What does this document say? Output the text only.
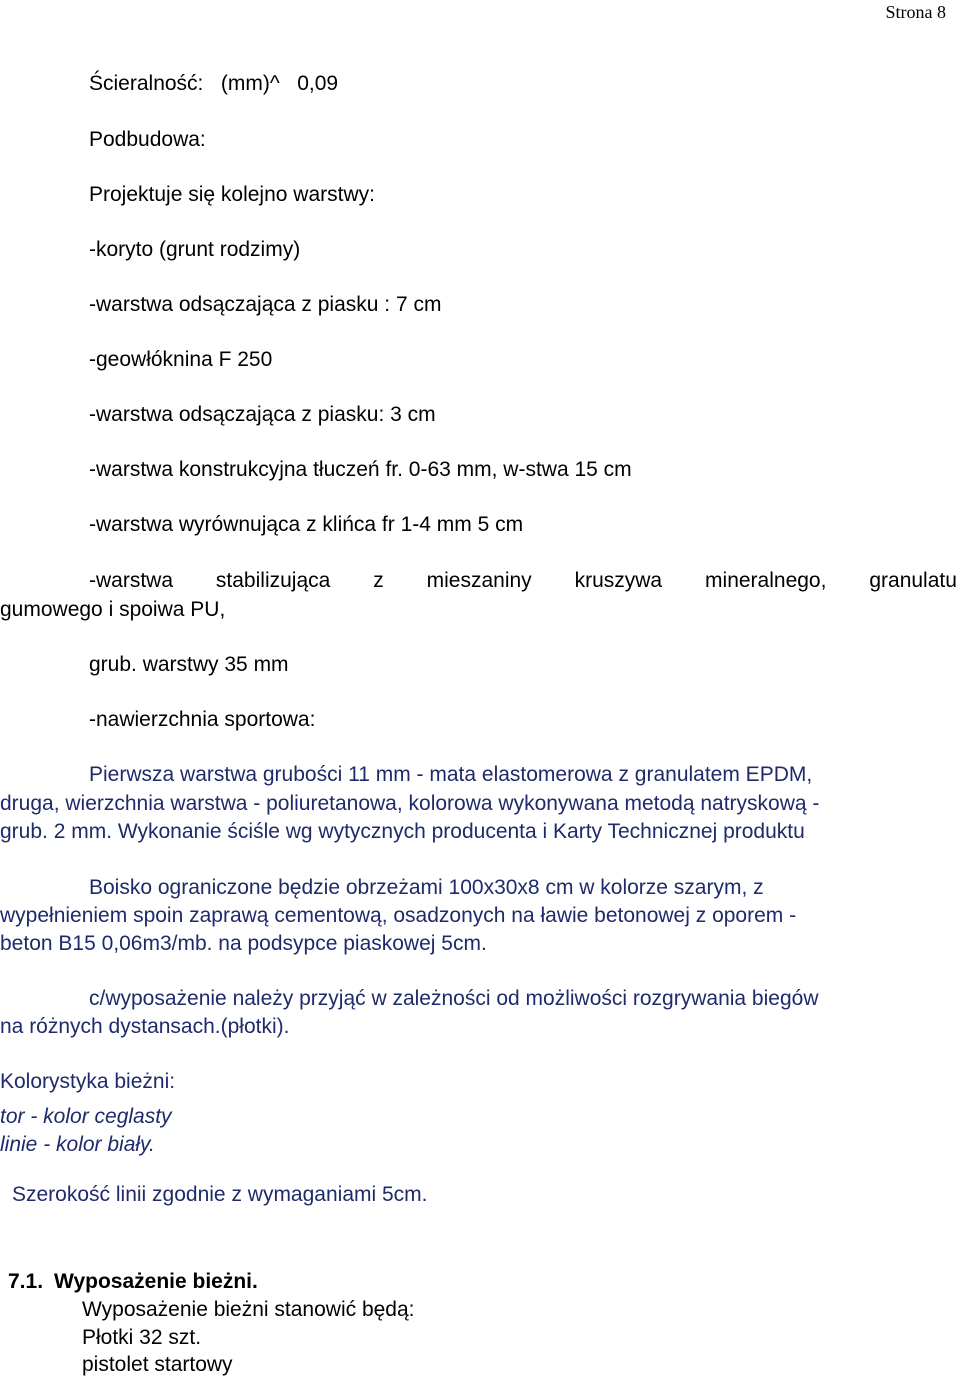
Strona 8
Ścieralność:   (mm)^   0,09
Podbudowa:
Projektuje się kolejno warstwy:
-koryto (grunt rodzimy)
-warstwa odsączająca z piasku : 7 cm
-geowłóknina F 250
-warstwa odsączająca z piasku: 3 cm
-warstwa konstrukcyjna tłuczeń fr. 0-63 mm, w-stwa 15 cm
-warstwa wyrównująca z klińca fr 1-4 mm 5 cm
-warstwa stabilizująca z mieszaniny kruszywa mineralnego, granulatu
gumowego i spoiwa PU,
grub. warstwy 35 mm
-nawierzchnia sportowa:
Pierwsza warstwa grubości 11 mm - mata elastomerowa z granulatem EPDM,
druga, wierzchnia warstwa - poliuretanowa, kolorowa wykonywana metodą natryskową -
grub. 2 mm. Wykonanie ściśle wg wytycznych producenta i Karty Technicznej produktu
Boisko ograniczone będzie obrzeżami 100x30x8 cm w kolorze szarym, z
wypełnieniem spoin zaprawą cementową, osadzonych na ławie betonowej z oporem -
beton B15 0,06m3/mb. na podsypce piaskowej 5cm.
c/wyposażenie należy przyjąć w zależności od możliwości rozgrywania biegów
na różnych dystansach.(płotki).
Kolorystyka bieżni:
tor - kolor ceglasty
linie - kolor biały.
Szerokość linii zgodnie z wymaganiami 5cm.
7.1. Wyposażenie bieżni.
Wyposażenie bieżni stanowić będą:
Płotki 32 szt.
pistolet startowy
